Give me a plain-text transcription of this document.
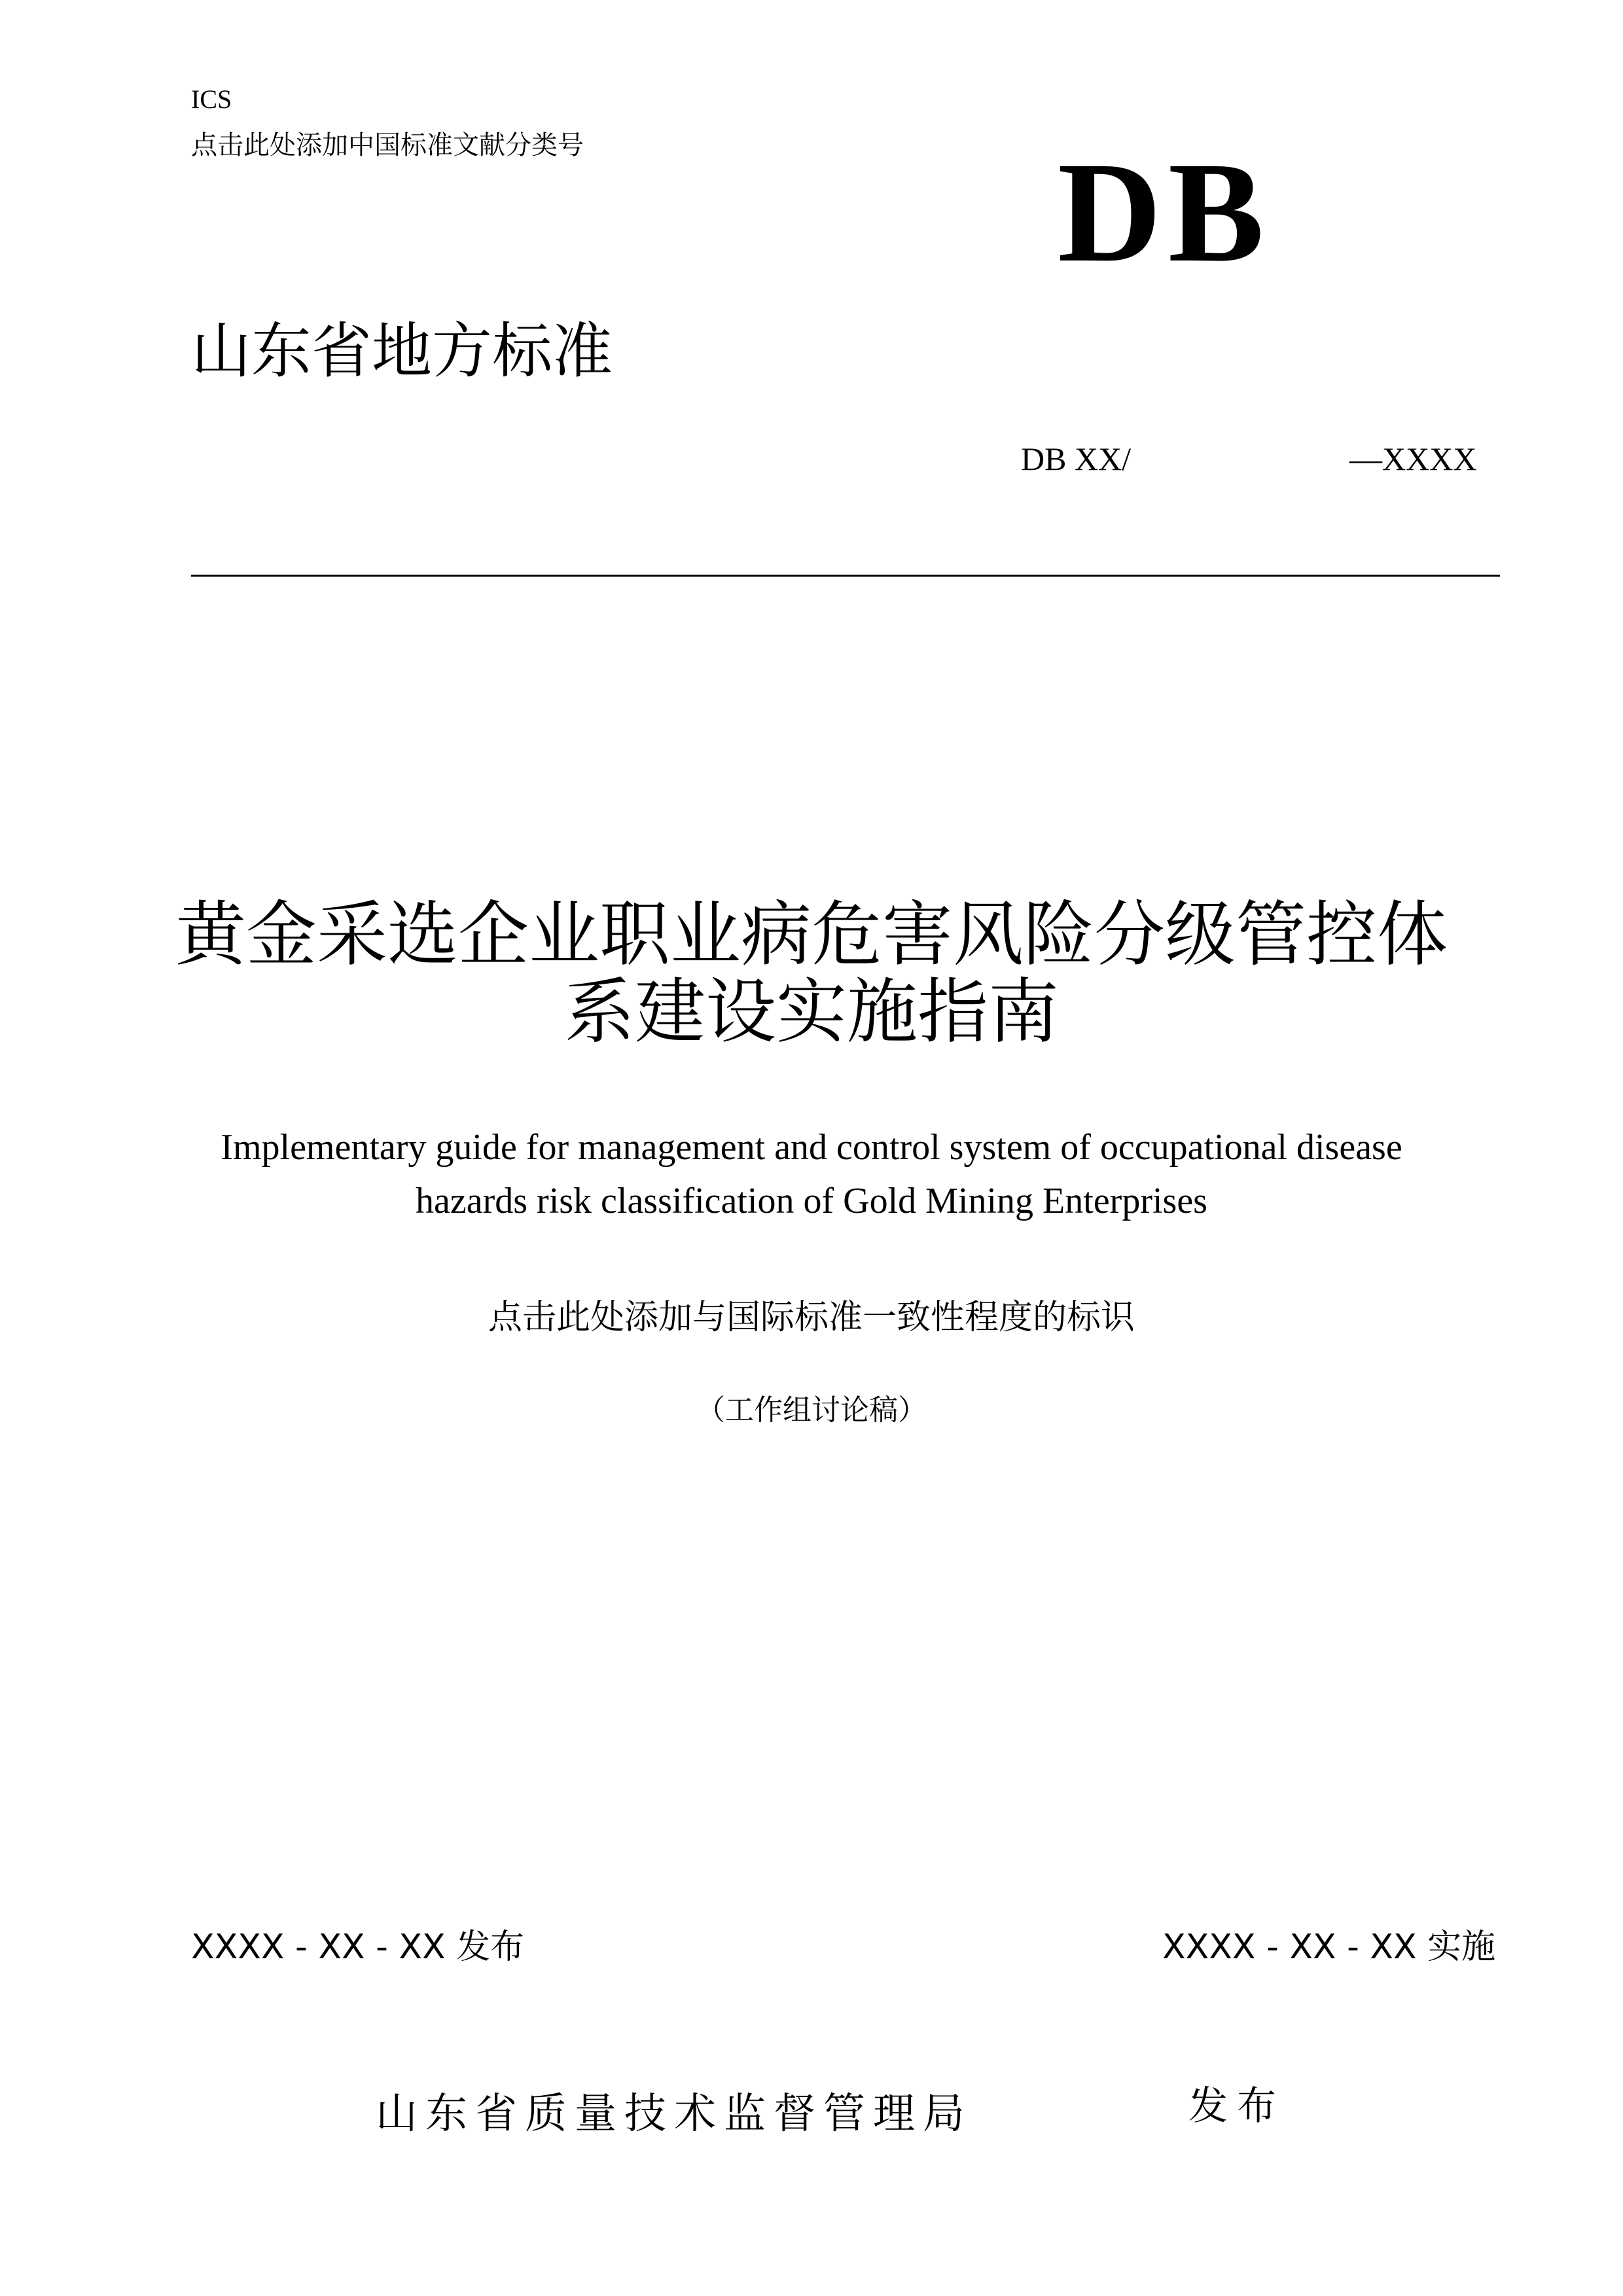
ICS
点击此处添加中国标准文献分类号	DB
山东省地方标准
DB XX/	—XXXX
黄金采选企业职业病危害风险分级管控体
系建设实施指南
Implementary guide for management and control system of occupational disease
hazards risk classification of Gold Mining Enterprises
点击此处添加与国际标准一致性程度的标识
（工作组讨论稿）
XXXX - XX - XX 发布	XXXX - XX - XX 实施
山东省质量技术监督管理局	发布
